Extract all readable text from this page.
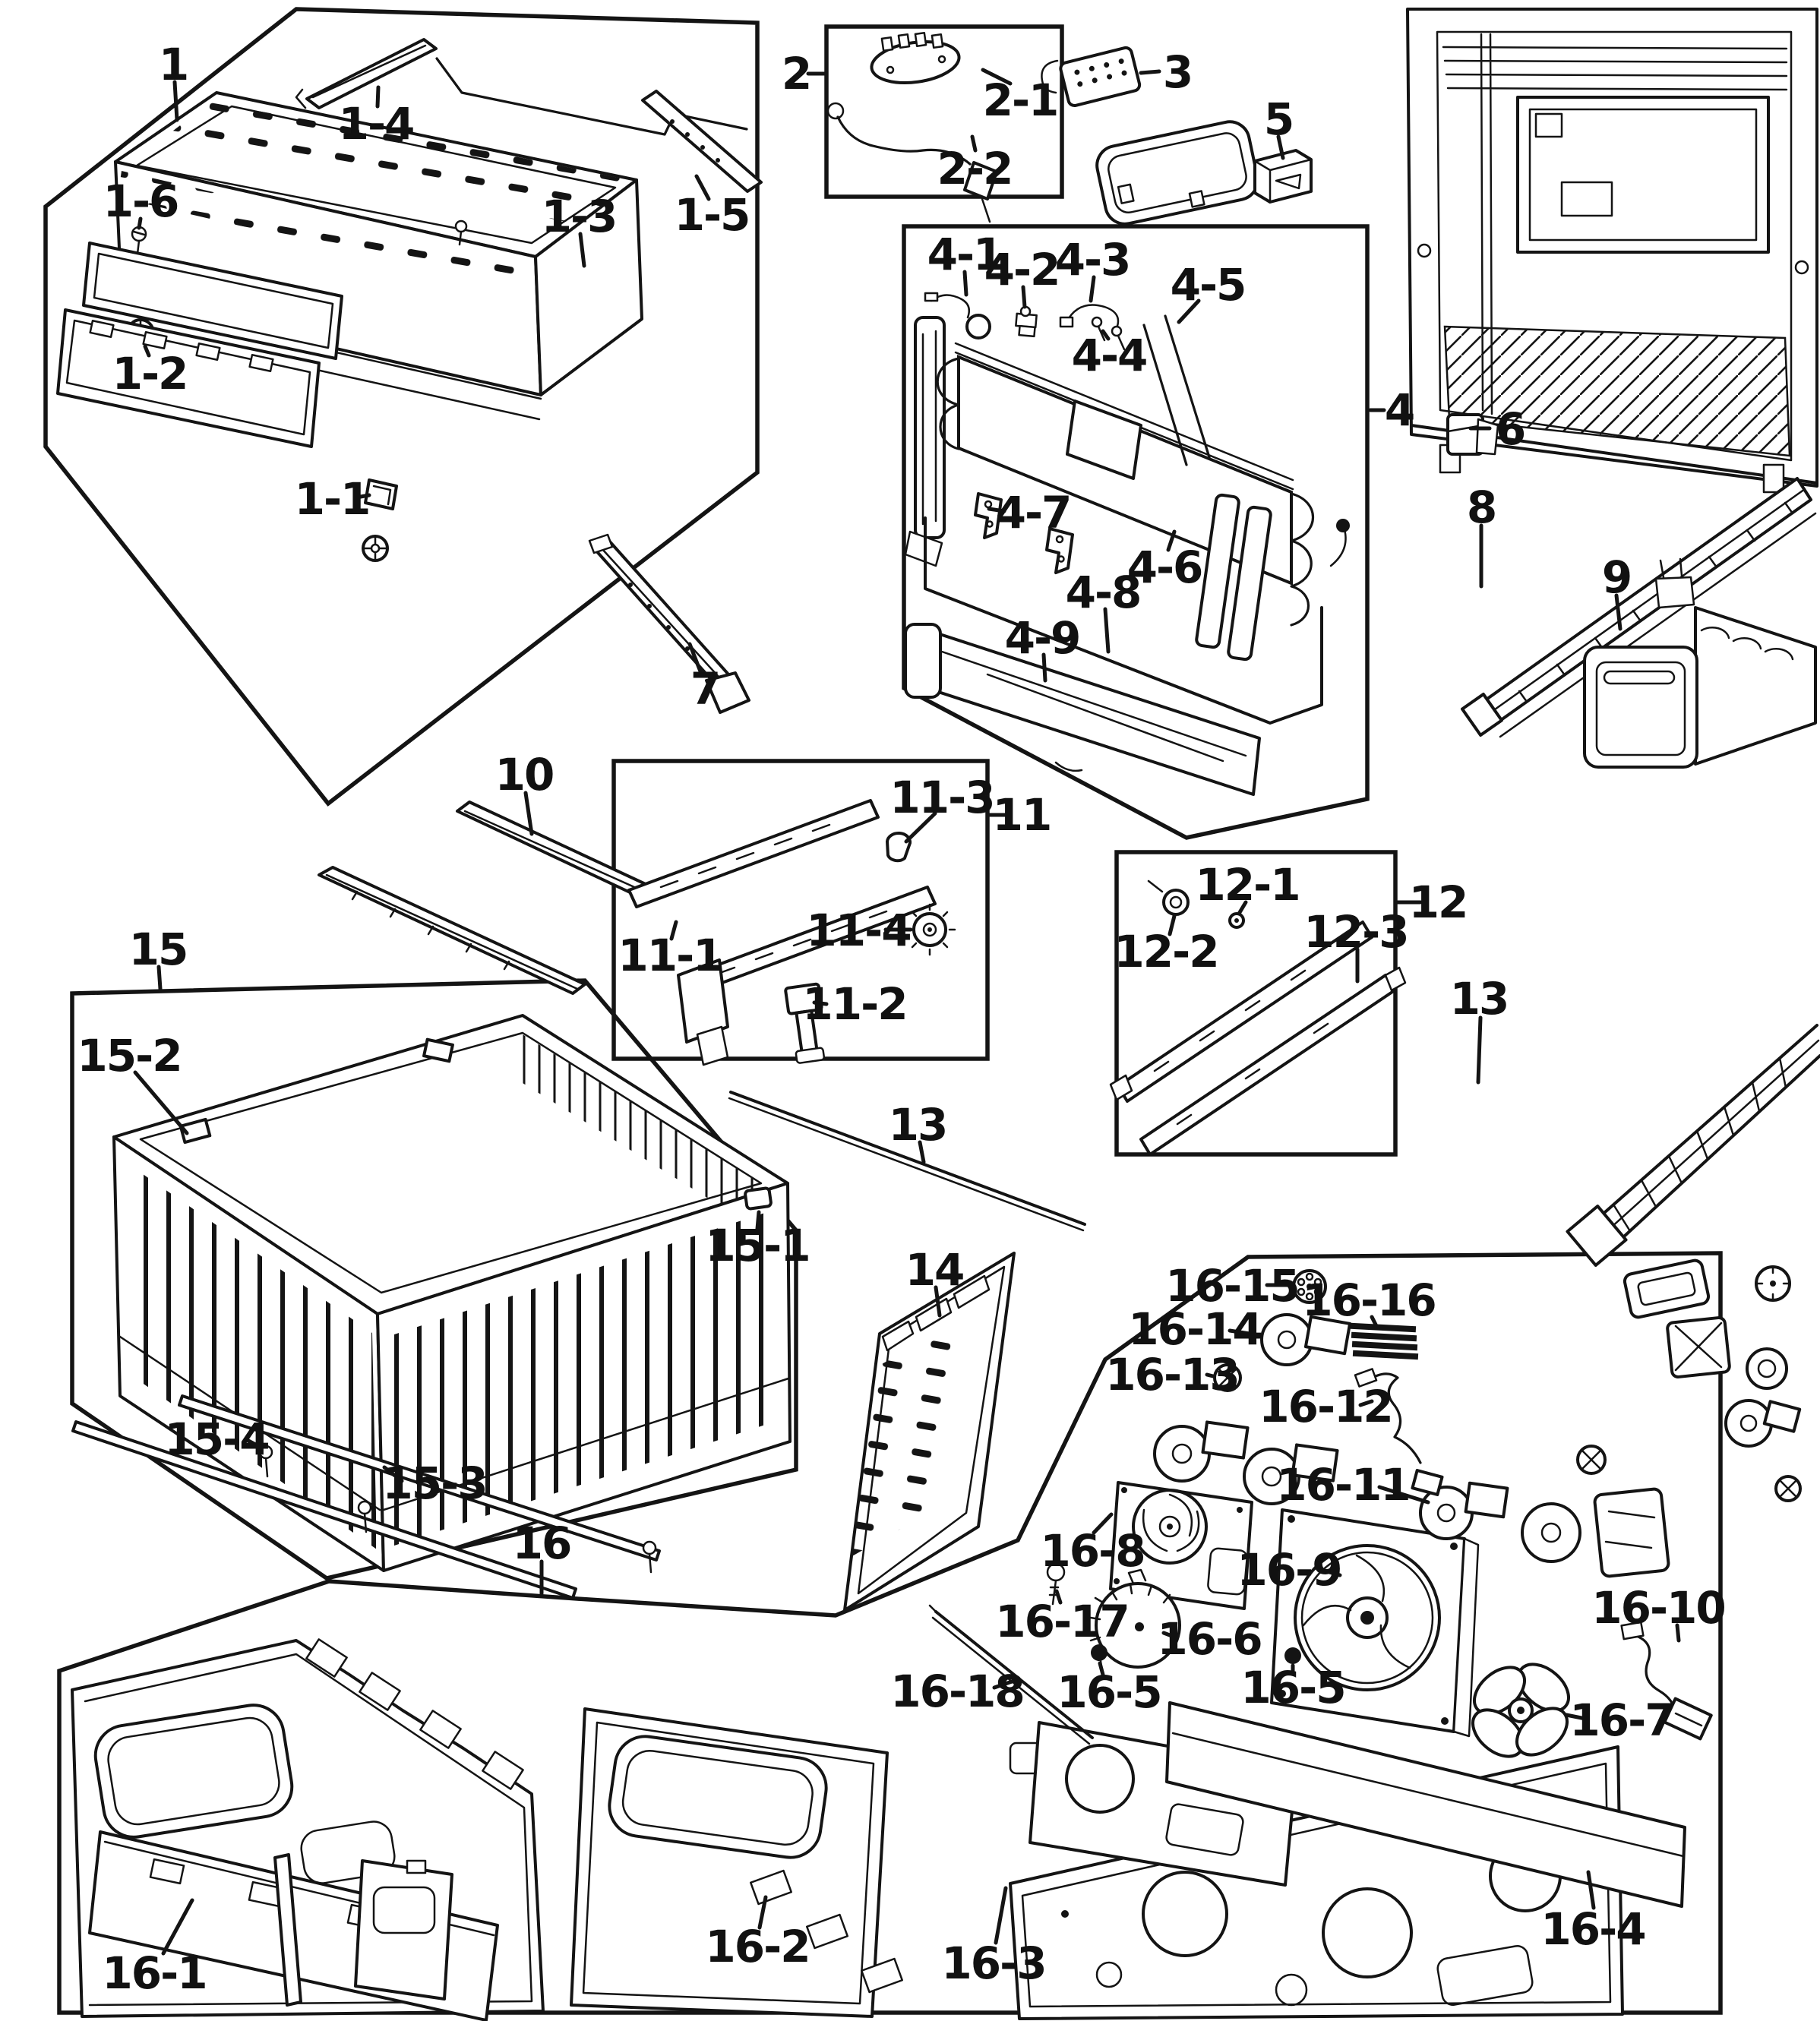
1
1-4
1-6	1-3 1-5
1-2
1-1
2
2-1
2-2
3
5
4 6
8
9
4-1
4-2
4-3 4-5
4-4
4-7
4-6
4-8
4-9
7
10	11-3
11
11-1 11-4
11-2
12
12-1
12-2 12-3
13
13
15
15-2
15-1 14
15-4
15-3
16
16-15 16-16
16-14
16-13
16-12
16-11
16-8 16-9
16-17 16-6
16-5 16-5
16-7
16-10
16-18
16-1
16-2	16-3
16-4
